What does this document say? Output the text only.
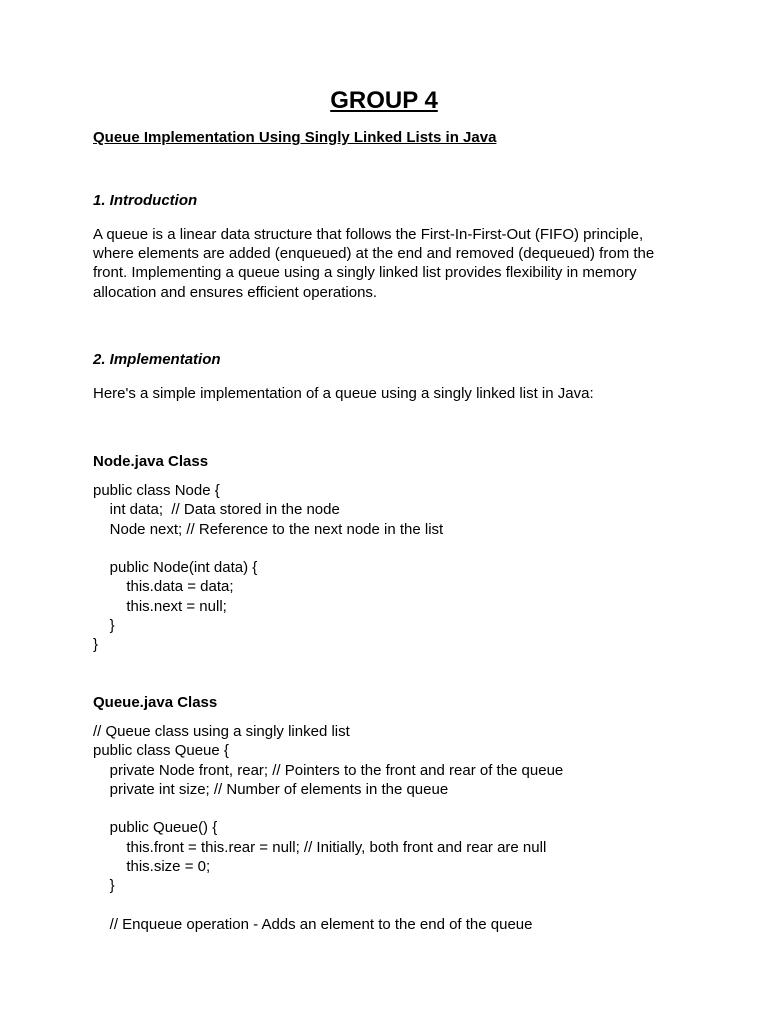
GROUP 4
Queue Implementation Using Singly Linked Lists in Java
1. Introduction
A queue is a linear data structure that follows the First-In-First-Out (FIFO) principle, where elements are added (enqueued) at the end and removed (dequeued) from the front. Implementing a queue using a singly linked list provides flexibility in memory allocation and ensures efficient operations.
2. Implementation
Here's a simple implementation of a queue using a singly linked list in Java:
Node.java Class
public class Node {
int data;  // Data stored in the node
Node next; // Reference to the next node in the list

public Node(int data) {
this.data = data;
this.next = null;
}
}
Queue.java Class
// Queue class using a singly linked list
public class Queue {
private Node front, rear; // Pointers to the front and rear of the queue
private int size; // Number of elements in the queue

public Queue() {
this.front = this.rear = null; // Initially, both front and rear are null
this.size = 0;
}

// Enqueue operation - Adds an element to the end of the queue
